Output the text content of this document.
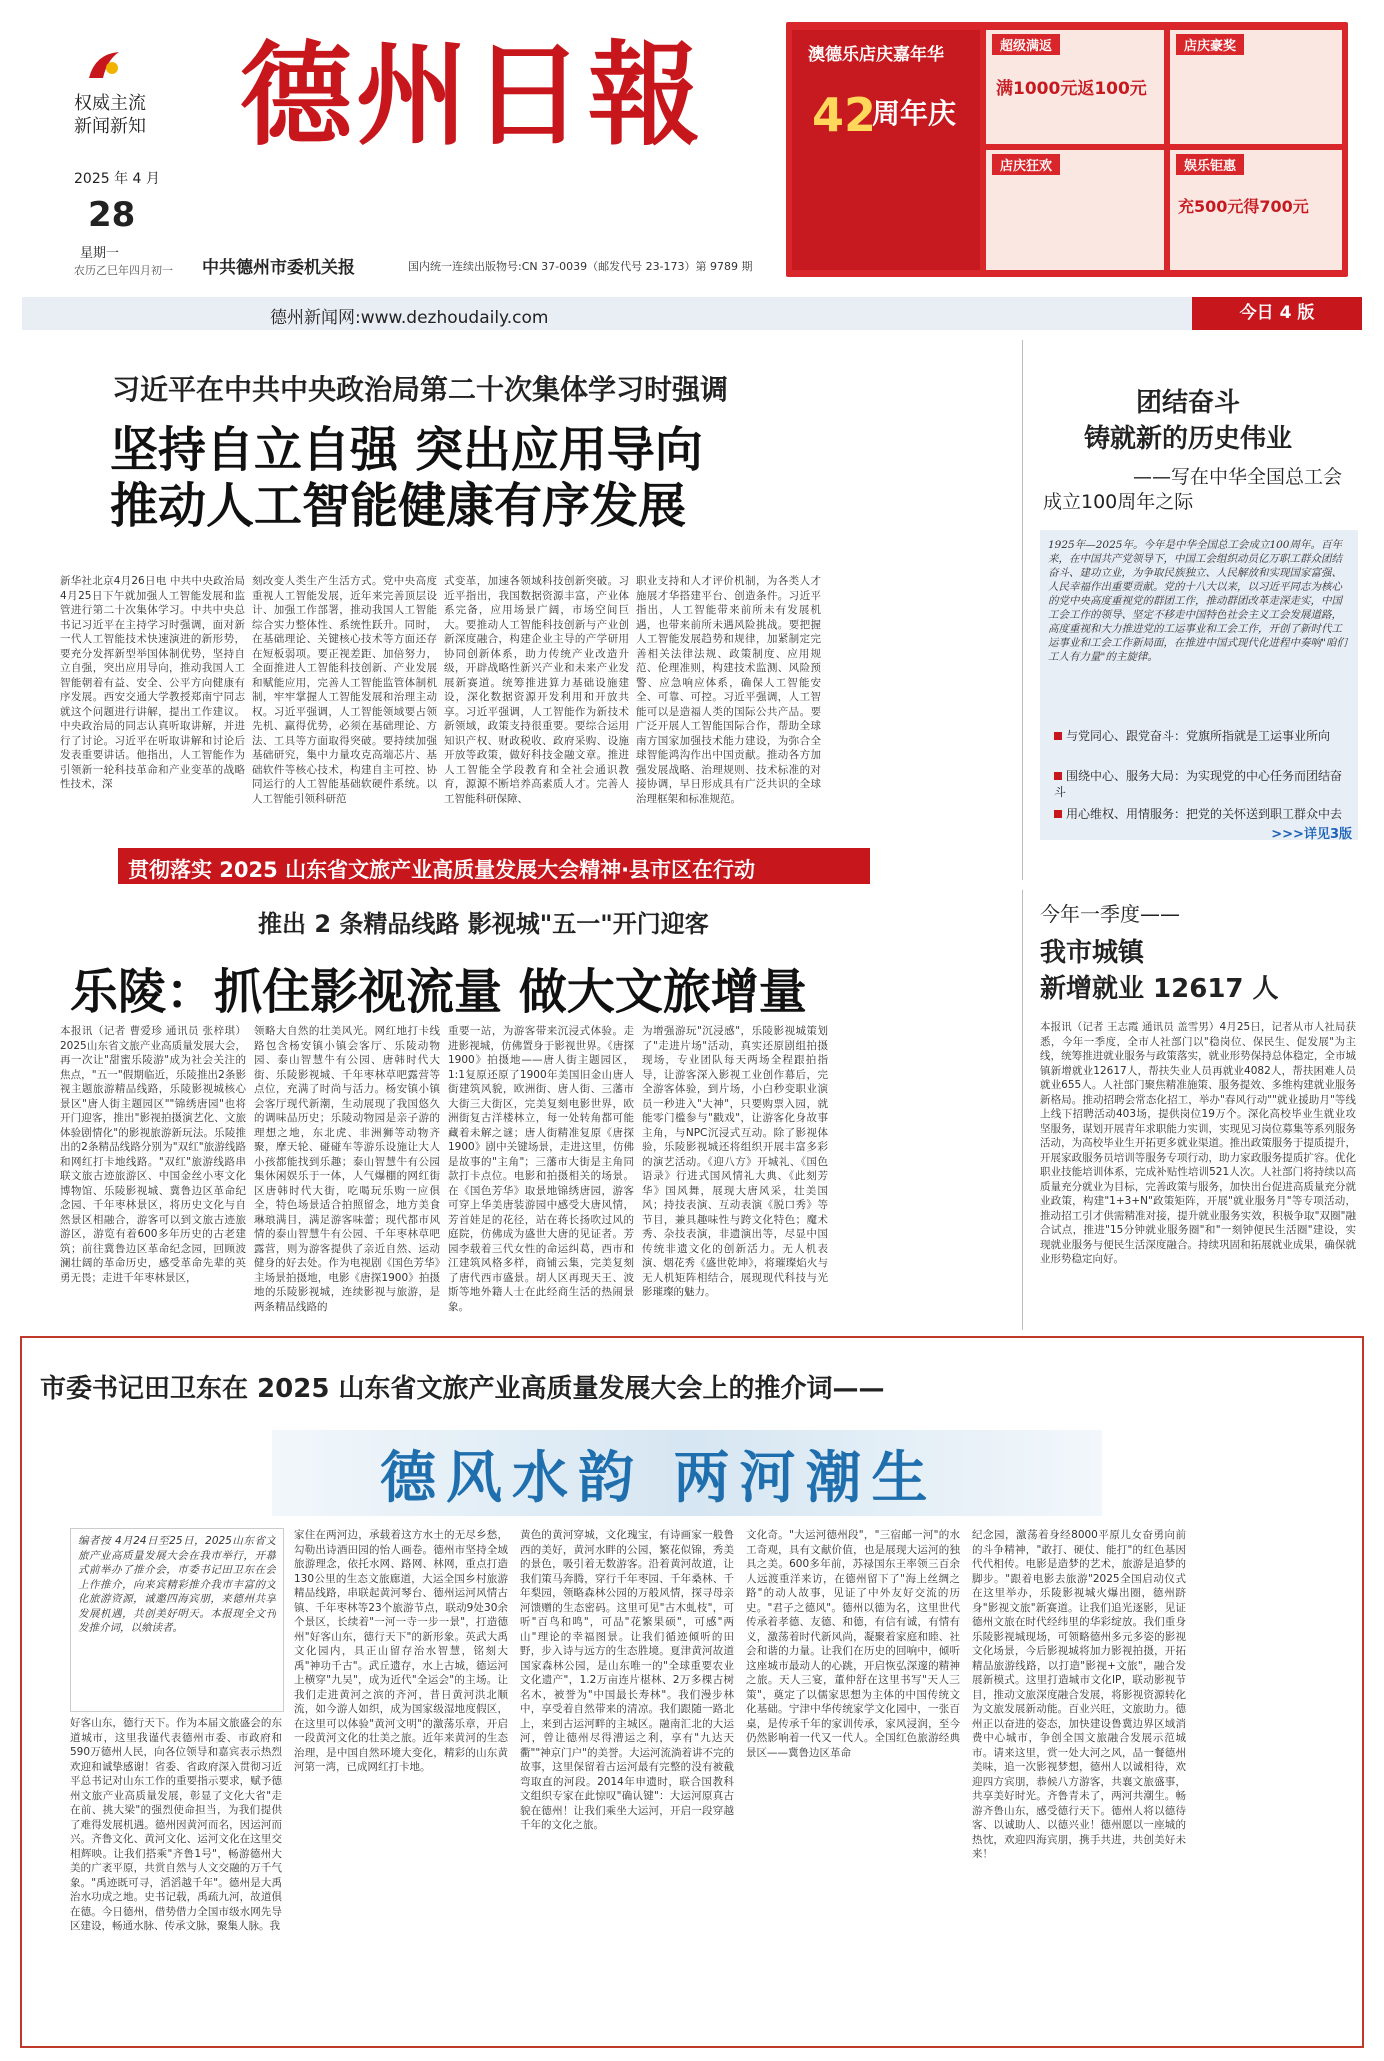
权威主流
新闻新知
2025 年 4 月
28
星期一
农历乙巳年四月初一
德州日報
中共德州市委机关报	国内统一连续出版物号:CN 37-0039（邮发代号 23-173）第 9789 期
澳德乐店庆嘉年华
42
周年庆
超级满返
满1000元返100元
店庆豪奖
店庆狂欢	娱乐钜惠
充500元得700元
德州新闻网:www.dezhoudaily.com	今日 4 版
习近平在中共中央政治局第二十次集体学习时强调
坚持自立自强 突出应用导向
推动人工智能健康有序发展
新华社北京4月26日电 中共中央政治局4月25日下午就加强人工智能发展和监管进行第二十次集体学习。中共中央总书记习近平在主持学习时强调，面对新一代人工智能技术快速演进的新形势，要充分发挥新型举国体制优势，坚持自立自强，突出应用导向，推动我国人工智能朝着有益、安全、公平方向健康有序发展。西安交通大学教授郑南宁同志就这个问题进行讲解，提出工作建议。中央政治局的同志认真听取讲解，并进行了讨论。习近平在听取讲解和讨论后发表重要讲话。他指出，人工智能作为引领新一轮科技革命和产业变革的战略性技术，深
刻改变人类生产生活方式。党中央高度重视人工智能发展，近年来完善顶层设计、加强工作部署，推动我国人工智能综合实力整体性、系统性跃升。同时，在基础理论、关键核心技术等方面还存在短板弱项。要正视差距、加倍努力，全面推进人工智能科技创新、产业发展和赋能应用，完善人工智能监管体制机制，牢牢掌握人工智能发展和治理主动权。习近平强调，人工智能领域要占领先机、赢得优势，必须在基础理论、方法、工具等方面取得突破。要持续加强基础研究，集中力量攻克高端芯片、基础软件等核心技术，构建自主可控、协同运行的人工智能基础软硬件系统。以人工智能引领科研范
式变革，加速各领域科技创新突破。习近平指出，我国数据资源丰富，产业体系完备，应用场景广阔，市场空间巨大。要推动人工智能科技创新与产业创新深度融合，构建企业主导的产学研用协同创新体系，助力传统产业改造升级，开辟战略性新兴产业和未来产业发展新赛道。统筹推进算力基础设施建设，深化数据资源开发利用和开放共享。习近平强调，人工智能作为新技术新领域，政策支持很重要。要综合运用知识产权、财政税收、政府采购、设施开放等政策，做好科技金融文章。推进人工智能全学段教育和全社会通识教育，源源不断培养高素质人才。完善人工智能科研保障、
职业支持和人才评价机制，为各类人才施展才华搭建平台、创造条件。习近平指出，人工智能带来前所未有发展机遇，也带来前所未遇风险挑战。要把握人工智能发展趋势和规律，加紧制定完善相关法律法规、政策制度、应用规范、伦理准则，构建技术监测、风险预警、应急响应体系，确保人工智能安全、可靠、可控。习近平强调，人工智能可以是造福人类的国际公共产品。要广泛开展人工智能国际合作，帮助全球南方国家加强技术能力建设，为弥合全球智能鸿沟作出中国贡献。推动各方加强发展战略、治理规则、技术标准的对接协调，早日形成具有广泛共识的全球治理框架和标准规范。
团结奋斗
铸就新的历史伟业
——写在中华全国总工会
成立100周年之际
1925年—2025年。今年是中华全国总工会成立100周年。百年来，在中国共产党领导下，中国工会组织动员亿万职工群众团结奋斗、建功立业，为争取民族独立、人民解放和实现国家富强、人民幸福作出重要贡献。党的十八大以来，以习近平同志为核心的党中央高度重视党的群团工作，推动群团改革走深走实，中国工会工作的领导、坚定不移走中国特色社会主义工会发展道路，高度重视和大力推进党的工运事业和工会工作，开创了新时代工运事业和工会工作新局面，在推进中国式现代化进程中奏响"咱们工人有力量"的主旋律。
与党同心、跟党奋斗：党旗所指就是工运事业所向
围绕中心、服务大局：为实现党的中心任务而团结奋斗
用心维权、用情服务：把党的关怀送到职工群众中去
>>>详见3版
贯彻落实 2025 山东省文旅产业高质量发展大会精神·县市区在行动
推出 2 条精品线路 影视城"五一"开门迎客
乐陵：抓住影视流量 做大文旅增量
本报讯（记者 曹爱珍 通讯员 张梓琪）2025山东省文旅产业高质量发展大会，再一次让"甜蜜乐陵游"成为社会关注的焦点，"五一"假期临近，乐陵推出2条影视主题旅游精品线路，乐陵影视城核心景区"唐人街主题园区""锦绣唐园"也将开门迎客，推出"影视拍摄演艺化、文旅体验剧情化"的影视旅游新玩法。乐陵推出的2条精品线路分别为"双红"旅游线路和网红打卡地线路。"双红"旅游线路串联文旅古迹旅游区、中国金丝小枣文化博物馆、乐陵影视城、冀鲁边区革命纪念园、千年枣林景区，将历史文化与自然景区相融合，游客可以到文旅古迹旅游区，游览有着600多年历史的古老建筑；前往冀鲁边区革命纪念园，回顾波澜壮阔的革命历史，感受革命先辈的英勇无畏；走进千年枣林景区，
领略大自然的壮美风光。网红地打卡线路包含杨安镇小镇会客厅、乐陵动物园、泰山智慧牛有公园、唐韩时代大街、乐陵影视城、千年枣林草吧露营等点位，充满了时尚与活力。杨安镇小镇会客厅现代新潮，生动展现了我国悠久的调味品历史；乐陵动物园是亲子游的理想之地，东北虎、非洲狮等动物齐聚，摩天轮、碰碰车等游乐设施让大人小孩都能找到乐趣；泰山智慧牛有公园集休闲娱乐于一体，人气爆棚的网红街区唐韩时代大街，吃喝玩乐购一应俱全，特色场景适合拍照留念，地方美食琳琅满目，满足游客味蕾；现代都市风情的泰山智慧牛有公园、千年枣林草吧露营，则为游客提供了亲近自然、运动健身的好去处。作为电视剧《国色芳华》主场景拍摄地，电影《唐探1900》拍摄地的乐陵影视城，连续影视与旅游，是两条精品线路的
重要一站，为游客带来沉浸式体验。走进影视城，仿佛置身于影视世界。《唐探1900》拍摄地——唐人街主题园区，1:1复原还原了1900年美国旧金山唐人街建筑风貌，欧洲街、唐人街、三藩市大街三大街区，完美复刻电影世界，欧洲街复古洋楼林立，每一处转角都可能藏着未解之谜；唐人街精准复原《唐探1900》剧中关键场景，走进这里，仿佛是故事的"主角"；三藩市大街是主角同款打卡点位。电影和拍摄相关的场景。在《国色芳华》取景地锦绣唐园，游客可穿上华美唐装游园中感受大唐风情，芳首娃足的花径，站在蒋长扬吹过风的庭院，仿佛成为盛世大唐的见证者。芳园李载着三代女性的命运纠葛，西市和江建筑风格多样，商铺云集，完美复刻了唐代西市盛景。胡人区再现天王、波斯等地外籍人士在此经商生活的热闹景象。
为增强游玩"沉浸感"，乐陵影视城策划了"走进片场"活动，真实还原剧组拍摄现场，专业团队每天两场全程跟拍指导，让游客深入影视工业创作幕后，完全游客体验，到片场，小白秒变职业演员一秒进入"大神"，只要购票入园，就能零门槛参与"戳戏"，让游客化身故事主角，与NPC沉浸式互动。除了影视体验，乐陵影视城还将组织开展丰富多彩的演艺活动。《迎八方》开城礼、《国色语录》行进式国风情礼大典、《此刻芳华》国风舞，展现大唐风采，壮美国风；持技表演、互动表演《脱口秀》等节目，兼具趣味性与跨文化特色；魔术秀、杂技表演，非遗演出等，尽显中国传统非遗文化的创新活力。无人机表演、烟花秀《盛世乾坤》，将璀璨焰火与无人机矩阵相结合，展现现代科技与光影璀璨的魅力。
今年一季度——
我市城镇
新增就业 12617 人
本报讯（记者 王志霞 通讯员 盖雪男）4月25日，记者从市人社局获悉，今年一季度，全市人社部门以"稳岗位、保民生、促发展"为主线，统筹推进就业服务与政策落实，就业形势保持总体稳定，全市城镇新增就业12617人，帮扶失业人员再就业4082人，帮扶困难人员就业655人。人社部门聚焦精准施策、服务提效、多维构建就业服务新格局。推动招聘会常态化招工，举办"春风行动""就业援助月"等线上线下招聘活动403场，提供岗位19万个。深化高校毕业生就业攻坚服务，谋划开展青年求职能力实训，实现见习岗位募集等系列服务活动，为高校毕业生开拓更多就业渠道。推出政策服务于提质提升，开展家政服务员培训等服务专项行动，助力家政服务提质扩容。优化职业技能培训体系，完成补贴性培训521人次。人社部门将持续以高质量充分就业为目标，完善政策与服务，加快出台促进高质量充分就业政策，构建"1+3+N"政策矩阵，开展"就业服务月"等专项活动，推动招工引才供需精准对接，提升就业服务实效，积极争取"双圈"融合试点，推进"15分钟就业服务圈"和"一刻钟便民生活圈"建设，实现就业服务与便民生活深度融合。持续巩固和拓展就业成果，确保就业形势稳定向好。
市委书记田卫东在 2025 山东省文旅产业高质量发展大会上的推介词——
德风水韵 两河潮生
编者按 4月24日至25日，2025山东省文旅产业高质量发展大会在我市举行，开幕式前举办了推介会，市委书记田卫东在会上作推介，向来宾精彩推介我市丰富的文化旅游资源，诚邀四海宾朋，来德州共享发展机遇，共创美好明天。本报现全文刊发推介词，以飨读者。
好客山东，德行天下。作为本届文旅盛会的东道城市，这里我谨代表德州市委、市政府和590万德州人民，向各位领导和嘉宾表示热烈欢迎和诚挚感谢！省委、省政府深入贯彻习近平总书记对山东工作的重要指示要求，赋予德州文旅产业高质量发展，彰显了文化大省"走在前、挑大梁"的强烈使命担当，为我们提供了难得发展机遇。德州因黄河而名，因运河而兴。齐鲁文化、黄河文化、运河文化在这里交相辉映。让我们搭乘"齐鲁1号"，畅游德州大美的广袤平原，共赏自然与人文交融的万千气象。"禹迹既可寻，滔滔越千年"。德州是大禹治水功成之地。史书记载，禹疏九河，故道俱在德。今日德州，借势借力全国市级水网先导区建设，畅通水脉、传承文脉，聚集人脉。我
家住在两河边，承载着这方水土的无尽乡愁，勾勒出诗酒田园的怡人画卷。德州市坚持全域旅游理念，依托水网、路网、林网，重点打造130公里的生态文旅廊道，大运全国乡村旅游精品线路，串联起黄河琴台、德州运河风情古镇、千年枣林等23个旅游节点，联动9处30余个景区，长续着"一河一寺一步一景"，打造德州"好客山东，德行天下"的新形象。英武大禹文化园内，具正山留存治水智慧，铭刻大禹"神功千古"。武丘遗存，水上古城，德运河上横穿"九吴"，成为近代"全运会"的主场。让我们走进黄河之滨的齐河，昔日黄河洪北顺流，如今游人如织，成为国家级湿地度假区，在这里可以体验"黄河文明"的激荡乐章，开启一段黄河文化的壮美之旅。近年来黄河的生态治理，是中国自然环境大变化，精彩的山东黄河第一湾，已成网红打卡地。
黄色的黄河穿城，文化瑰宝，有诗画家一般鲁西的美好，黄河水畔的公园，繁花似锦，秀美的景色，吸引着无数游客。沿着黄河故道，让我们策马奔腾，穿行千年枣园、千年桑林、千年梨园，领略森林公园的万般风情，探寻母亲河馈赠的生态密码。这里可见"古木虬枝"，可听"百鸟和鸣"，可品"花繁果硕"，可感"两山"理论的幸福图景。让我们循迹倾听的田野，步入诗与远方的生态胜境。夏津黄河故道国家森林公园，是山东唯一的"全球重要农业文化遗产"，1.2万亩连片椹林、2万多棵古树名木，被誉为"中国最长寿林"。我们漫步林中，享受着自然带来的清凉。我们跟随一路北上，来到古运河畔的主城区。融南汇北的大运河，曾让德州尽得漕运之利，享有"九达天衢""神京门户"的美誉。大运河流淌着讲不完的故事，这里保留着古运河最有完整的没有被截弯取直的河段。2014年申遗时，联合国教科文组织专家在此惊叹"确认键"：大运河原真古貌在德州！让我们乘坐大运河，开启一段穿越千年的文化之旅。
文化奇。"大运河德州段"，"三宿邮一河"的水工奇观，具有文献价值，也是展现大运河的独具之美。600多年前，苏禄国东王率领三百余人远渡重洋来访，在德州留下了"海上丝绸之路"的动人故事，见证了中外友好交流的历史。"君子之德风"。德州以德为名，这里世代传承着孝德、友德、和德，有信有诚，有情有义，激荡着时代新风尚，凝聚着家庭和睦、社会和谐的力量。让我们在历史的回响中，倾听这座城市最动人的心跳，开启恢弘深邃的精神之旅。天人三宴，董仲舒在这里书写"天人三策"，奠定了以儒家思想为主体的中国传统文化基础。宁津中华传统家学文化园中，一张百桌，是传承千年的家训传承，家风浸润，至今仍然影响着一代又一代人。全国红色旅游经典景区——冀鲁边区革命
纪念园，激荡着身经8000平原儿女奋勇向前的斗争精神，"敢打、硬仗、能打"的红色基因代代相传。电影是造梦的艺术，旅游是追梦的脚步。"跟着电影去旅游"2025全国启动仪式在这里举办，乐陵影视城火爆出圈，德州跻身"影视文旅"新赛道。让我们追光逐影，见证德州文旅在时代经纬里的华彩绽放。我们重身乐陵影视城现场，可领略德州多元多姿的影视文化场景，今后影视城将加力影视拍摄，开拓精品旅游线路，以打造"影视+文旅"，融合发展新模式。这里打造城市文化IP，联动影视节目，推动文旅深度融合发展，将影视资源转化为文旅发展新动能。百业兴旺，文旅助力。德州正以奋进的姿态，加快建设鲁冀边界区域消费中心城市，争创全国文旅融合发展示范城市。请来这里，赏一处大河之风，品一餐德州美味，追一次影视梦想，德州人以诚相待，欢迎四方宾朋，恭候八方游客，共襄文旅盛事，共享美好时光。齐鲁青未了，两河共潮生。畅游齐鲁山东，感受德行天下。德州人将以德待客、以诚助人、以德兴业！德州愿以一座城的热忱，欢迎四海宾朋，携手共进，共创美好未来！
